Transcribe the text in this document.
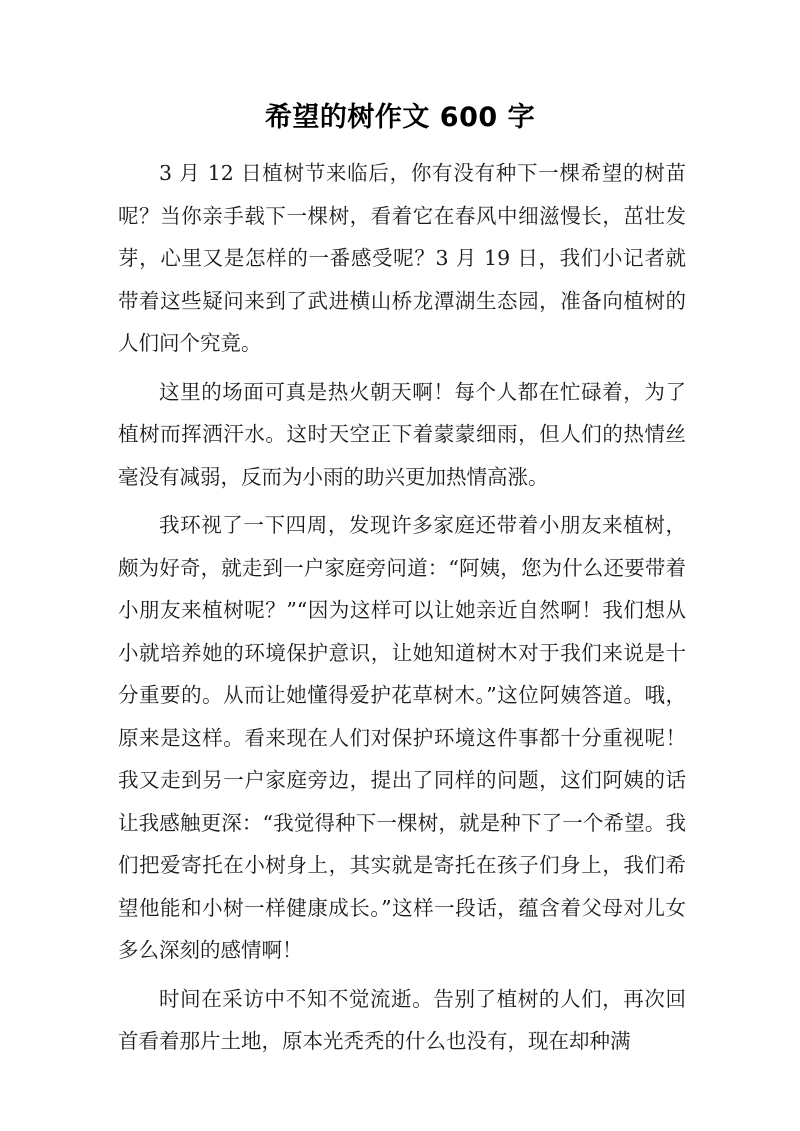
希望的树作文 600 字

3 月 12 日植树节来临后，你有没有种下一棵希望的树苗呢？当你亲手载下一棵树，看着它在春风中细滋慢长，茁壮发芽，心里又是怎样的一番感受呢？3 月 19 日，我们小记者就带着这些疑问来到了武进横山桥龙潭湖生态园，准备向植树的人们问个究竟。

这里的场面可真是热火朝天啊！每个人都在忙碌着，为了植树而挥洒汗水。这时天空正下着蒙蒙细雨，但人们的热情丝毫没有减弱，反而为小雨的助兴更加热情高涨。

我环视了一下四周，发现许多家庭还带着小朋友来植树，颇为好奇，就走到一户家庭旁问道：“阿姨，您为什么还要带着小朋友来植树呢？”“因为这样可以让她亲近自然啊！我们想从小就培养她的环境保护意识，让她知道树木对于我们来说是十分重要的。从而让她懂得爱护花草树木。”这位阿姨答道。哦，原来是这样。看来现在人们对保护环境这件事都十分重视呢！我又走到另一户家庭旁边，提出了同样的问题，这们阿姨的话让我感触更深：“我觉得种下一棵树，就是种下了一个希望。我们把爱寄托在小树身上，其实就是寄托在孩子们身上，我们希望他能和小树一样健康成长。”这样一段话，蕴含着父母对儿女多么深刻的感情啊！

时间在采访中不知不觉流逝。告别了植树的人们，再次回首看着那片土地，原本光秃秃的什么也没有，现在却种满
